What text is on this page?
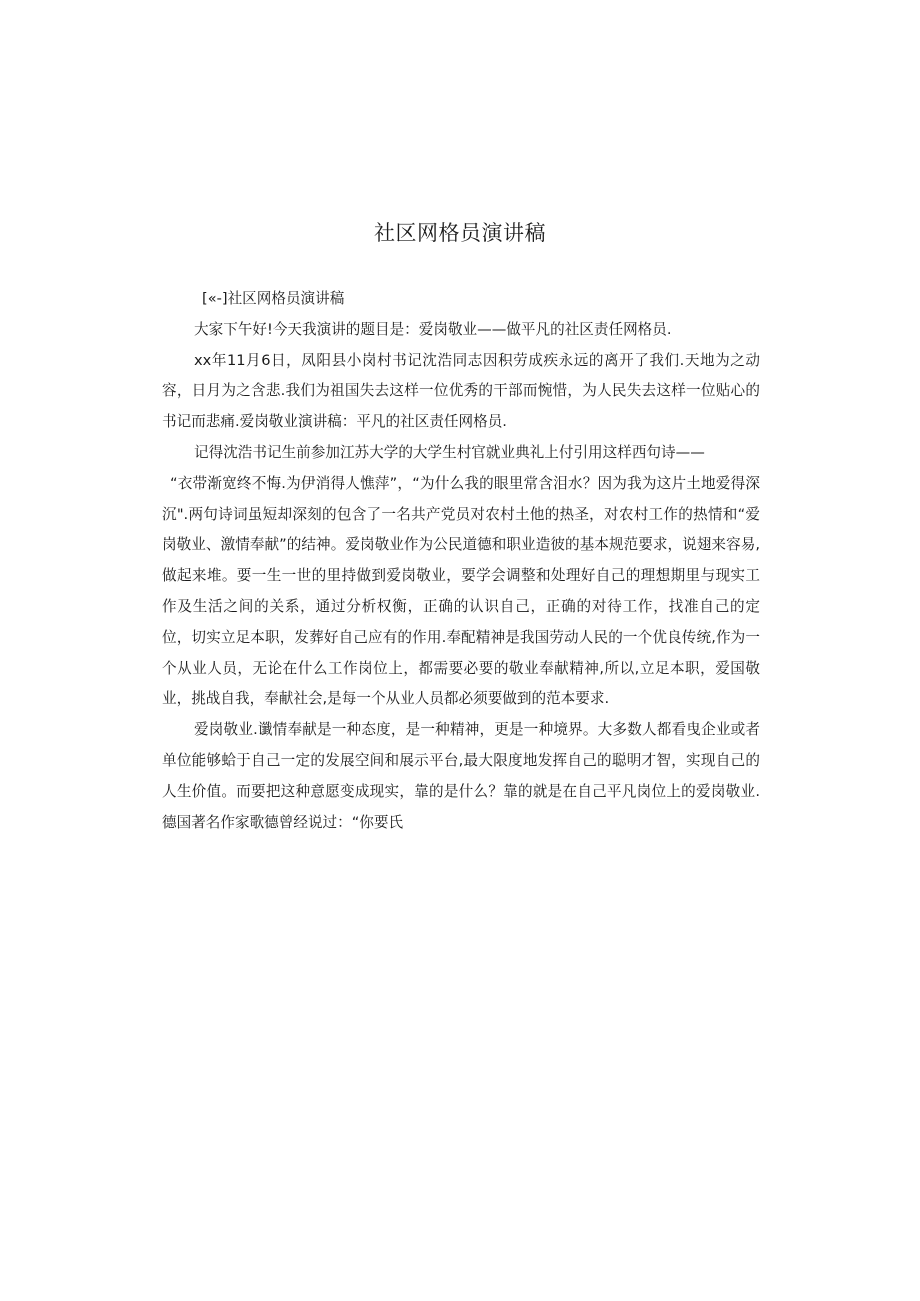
社区网格员演讲稿

[«-]社区网格员演讲稿

大家下午好!今天我演讲的题目是：爱岗敬业——做平凡的社区责任网格员.

xx年11月6日，凤阳县小岗村书记沈浩同志因积劳成疾永远的离开了我们.天地为之动容，日月为之含悲.我们为祖国失去这样一位优秀的干部而惋惜，为人民失去这样一位贴心的书记而悲痛.爱岗敬业演讲稿：平凡的社区责任网格员.

记得沈浩书记生前参加江苏大学的大学生村官就业典礼上付引用这样西句诗——

“衣带渐宽终不悔.为伊消得人憔萍”，“为什么我的眼里常含泪水？因为我为这片土地爱得深沉".两句诗词虽短却深刻的包含了一名共产党员对农村土他的热圣，对农村工作的热情和“爱岗敬业、激情奉献”的结神。爱岗敬业作为公民道德和职业造彼的基本规范要求，说翅来容易,做起来堆。要一生一世的里持做到爱岗敬业，要学会调整和处理好自己的理想期里与现实工作及生活之间的关系，通过分析权衡，正确的认识自己，正确的对待工作，找准自己的定位，切实立足本职，发葬好自己应有的作用.奉配精神是我国劳动人民的一个优良传统,作为一个从业人员，无论在什么工作岗位上，都需要必要的敬业奉献精神,所以,立足本职，爱国敬业，挑战自我，奉献社会,是每一个从业人员都必须要做到的范本要求.

爱岗敬业.谶情奉献是一种态度，是一种精神，更是一种境界。大多数人都看曳企业或者单位能够蛤于自己一定的发展空间和展示平台,最大限度地发挥自己的聪明才智，实现自己的人生价值。而要把这种意愿变成现实，靠的是什么？靠的就是在自己平凡岗位上的爱岗敬业.德国著名作家歌德曾经说过：“你要氏
